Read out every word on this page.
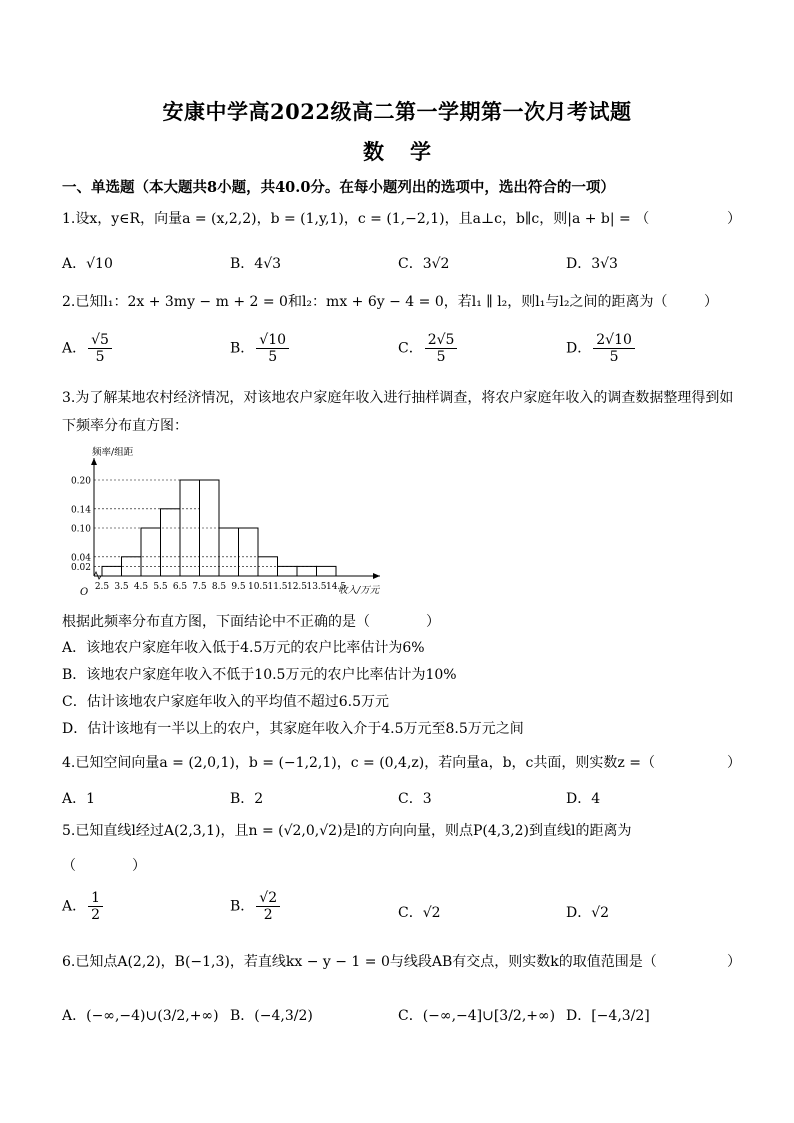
安康中学高2022级高二第一学期第一次月考试题
数学
一、单选题（本大题共8小题，共40.0分。在每小题列出的选项中，选出符合的一项）
1.设x，y∈R，向量a = (x,2,2)，b = (1,y,1)，c = (1,−2,1)，且a⊥c，b∥c，则|a + b| = （	）
A．√10	B．4√3	C．3√2	D．3√3
2.已知l₁：2x + 3my − m + 2 = 0和l₂：mx + 6y − 4 = 0，若l₁ ∥ l₂，则l₁与l₂之间的距离为（	）
A． $\frac{√5}{5}$	B． $\frac{√10}{5}$	C． $\frac{2√5}{5}$	D． $\frac{2√10}{5}$
3.为了解某地农村经济情况，对该地农户家庭年收入进行抽样调查，将农户家庭年收入的调查数据整理得到如下频率分布直方图：
0.02
0.04
0.10
0.14
0.20
2.5 3.5 4.5 5.5 6.5 7.5 8.5 9.5 10.5 11.5 12.5 13.5 14.5
频率/组距
收入/万元
O
根据此频率分布直方图，下面结论中不正确的是（　　　　）
A．该地农户家庭年收入低于4.5万元的农户比率估计为6%
B．该地农户家庭年收入不低于10.5万元的农户比率估计为10%
C．估计该地农户家庭年收入的平均值不超过6.5万元
D．估计该地有一半以上的农户，其家庭年收入介于4.5万元至8.5万元之间
4.已知空间向量a = (2,0,1)，b = (−1,2,1)，c = (0,4,z)，若向量a，b，c共面，则实数z =（	）
A．1	B．2	C．3	D．4
5.已知直线l经过A(2,3,1)，且n = (√2,0,√2)是l的方向向量，则点P(4,3,2)到直线l的距离为
（　　　　）
A． $\frac{1}{2}$	B． $\frac{√2}{2}$	C．√2	D．√2
6.已知点A(2,2)，B(−1,3)，若直线kx − y − 1 = 0与线段AB有交点，则实数k的取值范围是（	）
A．(−∞,−4)∪(3/2,+∞) B．(−4,3/2)	C．(−∞,−4]∪[3/2,+∞) D．[−4,3/2]
